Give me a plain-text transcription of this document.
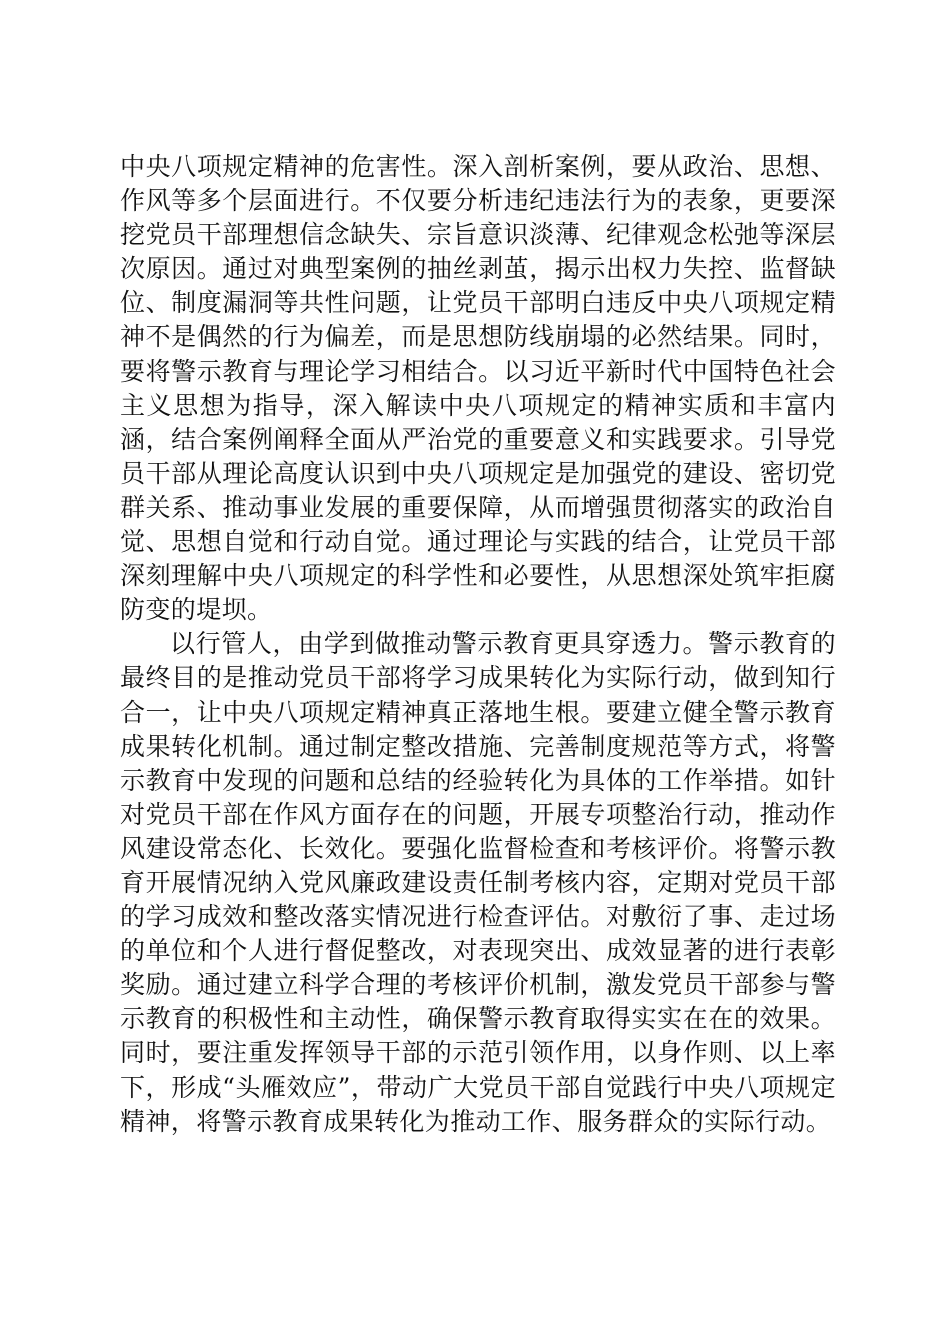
中央八项规定精神的危害性。深入剖析案例，要从政治、思想、作风等多个层面进行。不仅要分析违纪违法行为的表象，更要深挖党员干部理想信念缺失、宗旨意识淡薄、纪律观念松弛等深层次原因。通过对典型案例的抽丝剥茧，揭示出权力失控、监督缺位、制度漏洞等共性问题，让党员干部明白违反中央八项规定精神不是偶然的行为偏差，而是思想防线崩塌的必然结果。同时，要将警示教育与理论学习相结合。以习近平新时代中国特色社会主义思想为指导，深入解读中央八项规定的精神实质和丰富内涵，结合案例阐释全面从严治党的重要意义和实践要求。引导党员干部从理论高度认识到中央八项规定是加强党的建设、密切党群关系、推动事业发展的重要保障，从而增强贯彻落实的政治自觉、思想自觉和行动自觉。通过理论与实践的结合，让党员干部深刻理解中央八项规定的科学性和必要性，从思想深处筑牢拒腐防变的堤坝。

以行管人，由学到做推动警示教育更具穿透力。警示教育的最终目的是推动党员干部将学习成果转化为实际行动，做到知行合一，让中央八项规定精神真正落地生根。要建立健全警示教育成果转化机制。通过制定整改措施、完善制度规范等方式，将警示教育中发现的问题和总结的经验转化为具体的工作举措。如针对党员干部在作风方面存在的问题，开展专项整治行动，推动作风建设常态化、长效化。要强化监督检查和考核评价。将警示教育开展情况纳入党风廉政建设责任制考核内容，定期对党员干部的学习成效和整改落实情况进行检查评估。对敷衍了事、走过场的单位和个人进行督促整改，对表现突出、成效显著的进行表彰奖励。通过建立科学合理的考核评价机制，激发党员干部参与警示教育的积极性和主动性，确保警示教育取得实实在在的效果。同时，要注重发挥领导干部的示范引领作用，以身作则、以上率下，形成“头雁效应”，带动广大党员干部自觉践行中央八项规定精神，将警示教育成果转化为推动工作、服务群众的实际行动。
